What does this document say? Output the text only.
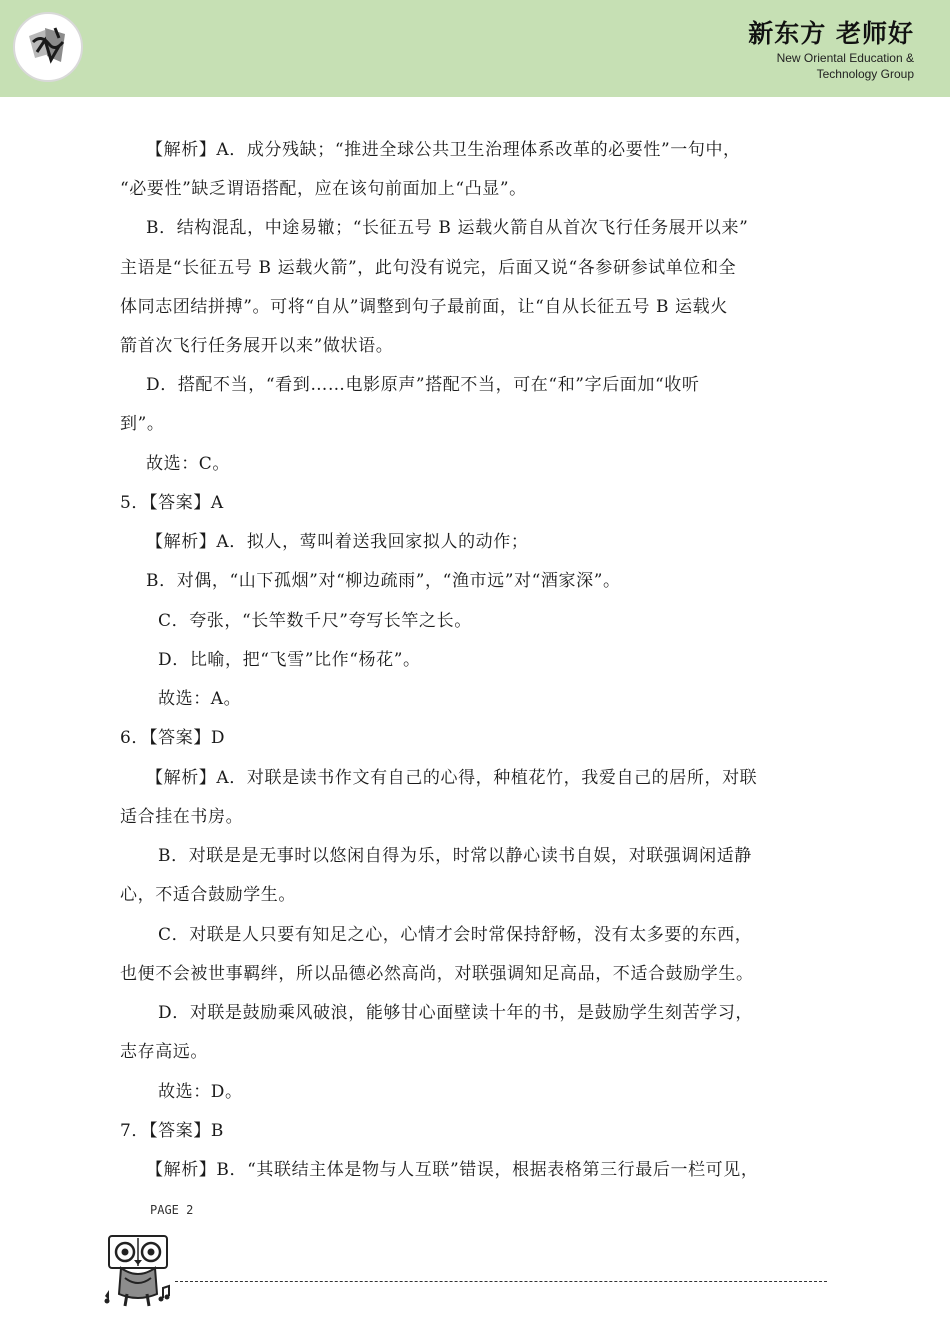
新东方 老师好
New Oriental Education &
Technology Group
【解析】A．成分残缺；“推进全球公共卫生治理体系改革的必要性”一句中，
“必要性”缺乏谓语搭配，应在该句前面加上“凸显”。
B．结构混乱，中途易辙；“长征五号 B 运载火箭自从首次飞行任务展开以来”
主语是“长征五号 B 运载火箭”，此句没有说完，后面又说“各参研参试单位和全
体同志团结拼搏”。可将“自从”调整到句子最前面，让“自从长征五号 B 运载火
箭首次飞行任务展开以来”做状语。
D．搭配不当，“看到……电影原声”搭配不当，可在“和”字后面加“收听
到”。
故选：C。
5．【答案】A
【解析】A．拟人，莺叫着送我回家拟人的动作；
B．对偶，“山下孤烟”对“柳边疏雨”，“渔市远”对“酒家深”。
C．夸张，“长竿数千尺”夸写长竿之长。
D．比喻，把“飞雪”比作“杨花”。
故选：A。
6．【答案】D
【解析】A．对联是读书作文有自己的心得，种植花竹，我爱自己的居所，对联
适合挂在书房。
B．对联是是无事时以悠闲自得为乐，时常以静心读书自娱，对联强调闲适静
心，不适合鼓励学生。
C．对联是人只要有知足之心，心情才会时常保持舒畅，没有太多要的东西，
也便不会被世事羁绊，所以品德必然高尚，对联强调知足高品，不适合鼓励学生。
D．对联是鼓励乘风破浪，能够甘心面壁读十年的书，是鼓励学生刻苦学习，
志存高远。
故选：D。
7．【答案】B
【解析】B．“其联结主体是物与人互联”错误，根据表格第三行最后一栏可见，
PAGE 2
